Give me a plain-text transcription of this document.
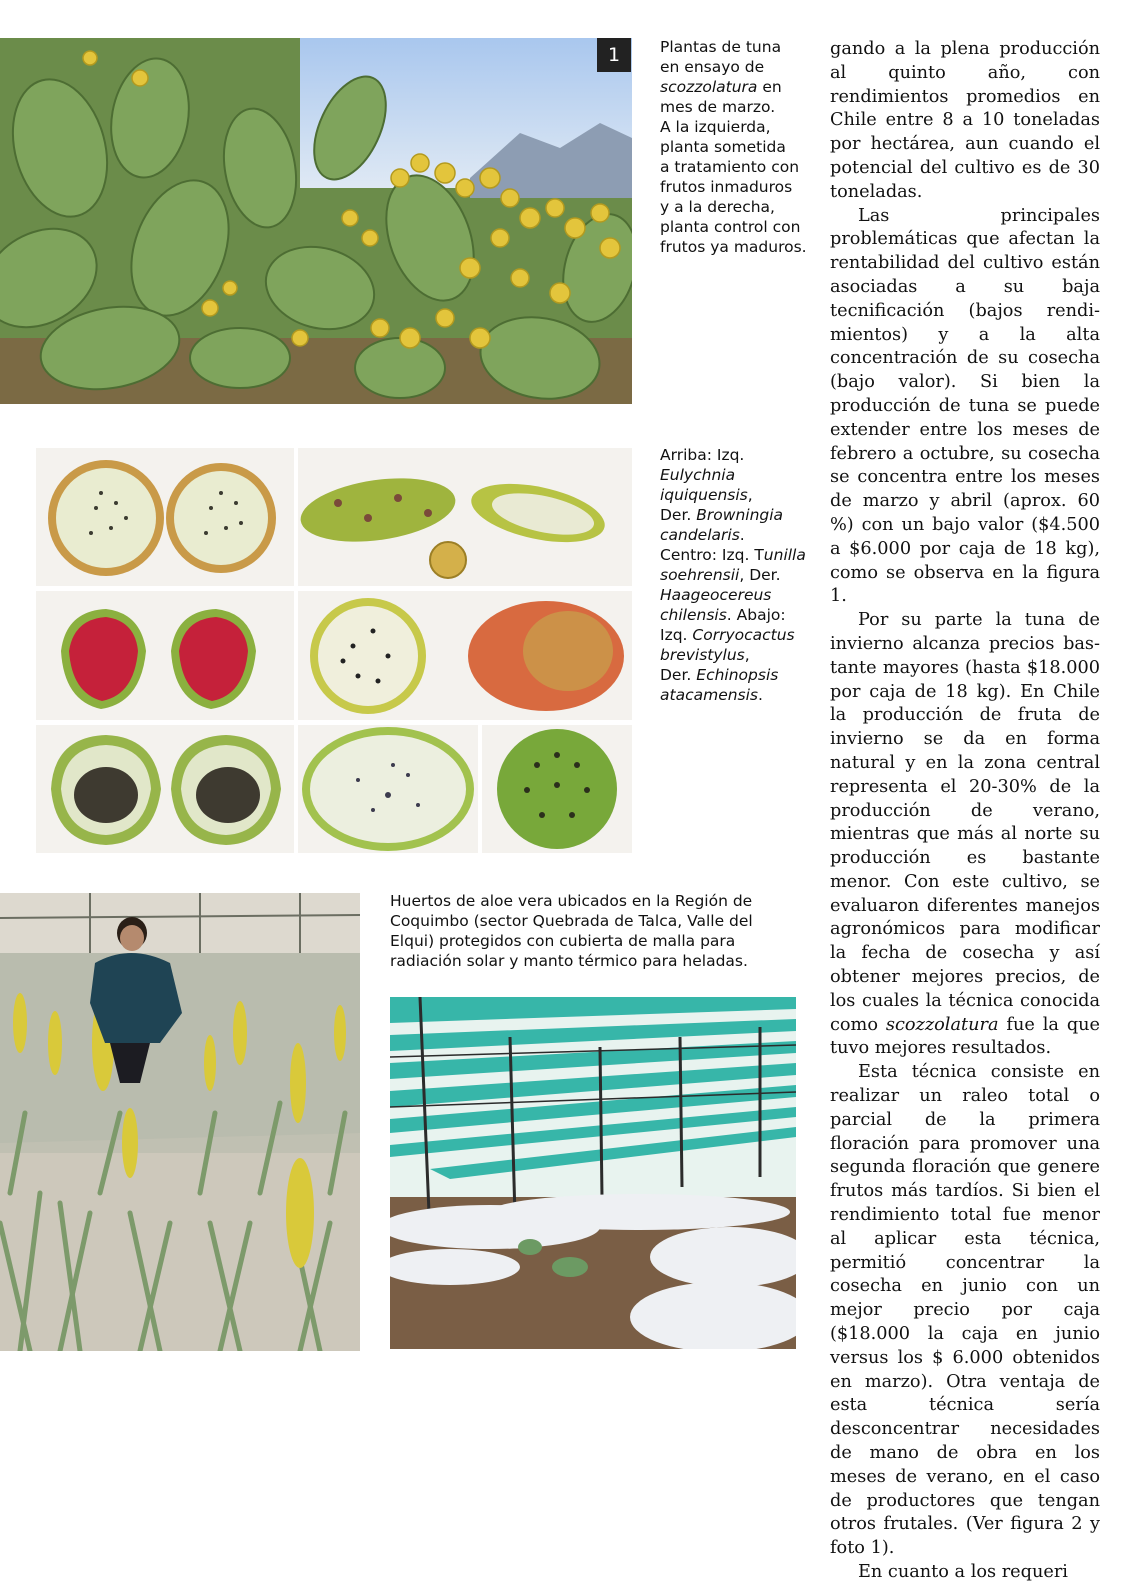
1	Plantas de tuna

en ensayo de

scozzolatura en

mes de marzo.

A la izquierda,

planta sometida

a tratamiento con

frutos inmaduros

y a la derecha,

planta control con

frutos ya maduros.

Arriba: Izq.

Eulychnia

iquiquensis,

Der. Browningia

candelaris.

Centro: Izq. Tunilla

soehrensii, Der.

Haageocereus

chilensis. Abajo:

Izq. Corryocactus

brevistylus,

Der. Echinopsis

atacamensis.

Huertos de aloe vera ubicados en la Región de

Coquimbo (sector Quebrada de Talca, Valle del

Elqui) protegidos con cubierta de malla para

radiación solar y manto térmico para heladas.

gando a la plena producción al quinto año, con rendimientos promedios en Chile entre 8 a 10 toneladas por hectárea, aun cuando el potencial del cultivo es de 30 toneladas.

Las principales problemáticas que afectan la rentabilidad del cultivo están asociadas a su baja tecnificación (bajos rendimientos) y a la alta concentración de su cosecha (bajo valor). Si bien la producción de tuna se puede extender entre los meses de febrero a octubre, su cosecha se concentra entre los meses de marzo y abril (aprox. 60 %) con un bajo valor ($4.500 a $6.000 por caja de 18 kg), como se observa en la figura 1.

Por su parte la tuna de invierno alcanza precios bastante mayores (hasta $18.000 por caja de 18 kg). En Chile la producción de fruta de invierno se da en forma natural y en la zona central representa el 20-30% de la producción de verano, mientras que más al norte su producción es bastante menor. Con este cultivo, se evaluaron diferentes manejos agronómicos para modificar la fecha de cosecha y así obtener mejores precios, de los cuales la técnica conocida como scozzolatura fue la que tuvo mejores resultados.

Esta técnica consiste en realizar un raleo total o parcial de la primera floración para promover una segunda floración que genere frutos más tardíos. Si bien el rendimiento total fue menor al aplicar esta técnica, permitió concentrar la cosecha en junio con un mejor precio por caja ($18.000 la caja en junio versus los $ 6.000 obtenidos en marzo). Otra ventaja de esta técnica sería desconcentrar necesidades de mano de obra en los meses de verano, en el caso de productores que tengan otros frutales. (Ver figura 2 y foto 1).

En cuanto a los requeri
